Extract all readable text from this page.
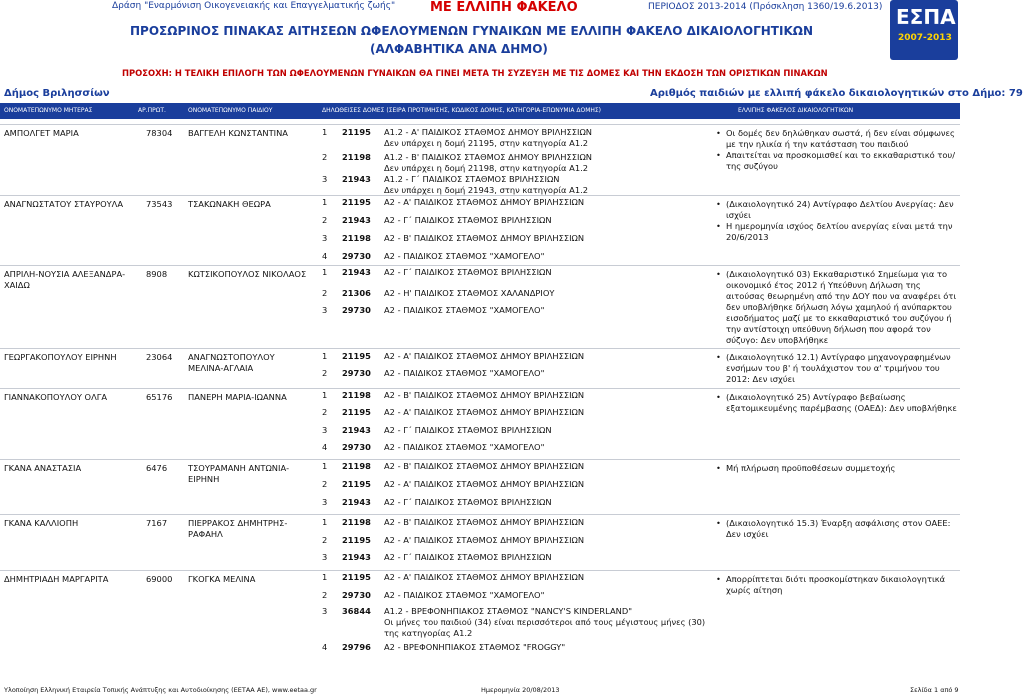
Δράση "Εναρμόνιση Οικογενειακής και Επαγγελματικής ζωής"	ΜΕ ΕΛΛΙΠΗ ΦΑΚΕΛΟ	ΠΕΡΙΟΔΟΣ 2013-2014 (Πρόσκληση 1360/19.6.2013) ΕΣΠΑ
2007-2013
ΠΡΟΣΩΡΙΝΟΣ ΠΙΝΑΚΑΣ ΑΙΤΗΣΕΩΝ ΩΦΕΛΟΥΜΕΝΩΝ ΓΥΝΑΙΚΩΝ ΜΕ ΕΛΛΙΠΗ ΦΑΚΕΛΟ ΔΙΚΑΙΟΛΟΓΗΤΙΚΩΝ
(ΑΛΦΑΒΗΤΙΚΑ ΑΝΑ ΔΗΜΟ)
ΠΡΟΣΟΧΗ: Η ΤΕΛΙΚΗ ΕΠΙΛΟΓΗ ΤΩΝ ΩΦΕΛΟΥΜΕΝΩΝ ΓΥΝΑΙΚΩΝ ΘΑ ΓΙΝΕΙ ΜΕΤΑ ΤΗ ΣΥΖΕΥΞΗ ΜΕ ΤΙΣ ΔΟΜΕΣ ΚΑΙ ΤΗΝ ΕΚΔΟΣΗ ΤΩΝ ΟΡΙΣΤΙΚΩΝ ΠΙΝΑΚΩΝ
Δήμος Βριλησσίων	Αριθμός παιδιών με ελλιπή φάκελο δικαιολογητικών στο Δήμο: 79
ΟΝΟΜΑΤΕΠΩΝΥΜΟ ΜΗΤΕΡΑΣ	ΑΡ.ΠΡΩΤ.	ΟΝΟΜΑΤΕΠΩΝΥΜΟ ΠΑΙΔΙΟΥ	ΔΗΛΩΘΕΙΣΕΣ ΔΟΜΕΣ (ΣΕΙΡΑ ΠΡΟΤΙΜΗΣΗΣ, ΚΩΔΙΚΟΣ ΔΟΜΗΣ, ΚΑΤΗΓΟΡΙΑ-ΕΠΩΝΥΜΙΑ ΔΟΜΗΣ)	ΕΛΛΙΠΗΣ ΦΑΚΕΛΟΣ ΔΙΚΑΙΟΛΟΓΗΤΙΚΩΝ
ΑΜΠΟΛΓΕΤ ΜΑΡΙΑ	78304 ΒΑΓΓΕΛΗ ΚΩΝΣΤΑΝΤΙΝΑ	1 21195 Α1.2 - Α' ΠΑΙΔΙΚΟΣ ΣΤΑΘΜΟΣ ΔΗΜΟΥ ΒΡΙΛΗΣΣΙΩΝ
Δεν υπάρχει η δομή 21195, στην κατηγορία Α1.2
2 21198 Α1.2 - Β' ΠΑΙΔΙΚΟΣ ΣΤΑΘΜΟΣ ΔΗΜΟΥ ΒΡΙΛΗΣΣΙΩΝ
Δεν υπάρχει η δομή 21198, στην κατηγορία Α1.2
3 21943 Α1.2 - Γ΄ ΠΑΙΔΙΚΟΣ ΣΤΑΘΜΟΣ ΒΡΙΛΗΣΣΙΩΝ
Δεν υπάρχει η δομή 21943, στην κατηγορία Α1.2
• Οι δομές δεν δηλώθηκαν σωστά, ή δεν είναι σύμφωνες με την ηλικία ή την κατάσταση του παιδιού
• Απαιτείται να προσκομισθεί και το εκκαθαριστικό του/της συζύγου
ΑΝΑΓΝΩΣΤΑΤΟΥ ΣΤΑΥΡΟΥΛΑ	73543 ΤΣΑΚΩΝΑΚΗ ΘΕΩΡΑ	1 21195 Α2 - Α' ΠΑΙΔΙΚΟΣ ΣΤΑΘΜΟΣ ΔΗΜΟΥ ΒΡΙΛΗΣΣΙΩΝ
2 21943 Α2 - Γ΄ ΠΑΙΔΙΚΟΣ ΣΤΑΘΜΟΣ ΒΡΙΛΗΣΣΙΩΝ
3 21198 Α2 - Β' ΠΑΙΔΙΚΟΣ ΣΤΑΘΜΟΣ ΔΗΜΟΥ ΒΡΙΛΗΣΣΙΩΝ
4 29730 Α2 - ΠΑΙΔΙΚΟΣ ΣΤΑΘΜΟΣ "ΧΑΜΟΓΕΛΟ"
• (Δικαιολογητικό 24) Αντίγραφο Δελτίου Ανεργίας: Δεν ισχύει
• Η ημερομηνία ισχύος δελτίου ανεργίας είναι μετά την 20/6/2013
ΑΠΡΙΛΗ-ΝΟΥΣΙΑ ΑΛΕΞΑΝΔΡΑ-ΧΑΙΔΩ
8908	ΚΩΤΣΙΚΟΠΟΥΛΟΣ ΝΙΚΟΛΑΟΣ	1 21943 Α2 - Γ΄ ΠΑΙΔΙΚΟΣ ΣΤΑΘΜΟΣ ΒΡΙΛΗΣΣΙΩΝ
2 21306 Α2 - Η' ΠΑΙΔΙΚΟΣ ΣΤΑΘΜΟΣ ΧΑΛΑΝΔΡΙΟΥ
3 29730 Α2 - ΠΑΙΔΙΚΟΣ ΣΤΑΘΜΟΣ "ΧΑΜΟΓΕΛΟ"
• (Δικαιολογητικό 03) Εκκαθαριστικό Σημείωμα για το οικονομικό έτος 2012 ή Υπεύθυνη Δήλωση της αιτούσας θεωρημένη από την ΔΟΥ που να αναφέρει ότι δεν υποβλήθηκε δήλωση λόγω χαμηλού ή ανύπαρκτου εισοδήματος μαζί με το εκκαθαριστικό του συζύγου ή την αντίστοιχη υπεύθυνη δήλωση που αφορά τον σύζυγο: Δεν υποβλήθηκε
ΓΕΩΡΓΑΚΟΠΟΥΛΟΥ ΕΙΡΗΝΗ	23064 ΑΝΑΓΝΩΣΤΟΠΟΥΛΟΥ ΜΕΛΙΝΑ-ΑΓΛΑΙΑ
1 21195 Α2 - Α' ΠΑΙΔΙΚΟΣ ΣΤΑΘΜΟΣ ΔΗΜΟΥ ΒΡΙΛΗΣΣΙΩΝ
2 29730 Α2 - ΠΑΙΔΙΚΟΣ ΣΤΑΘΜΟΣ "ΧΑΜΟΓΕΛΟ"
• (Δικαιολογητικό 12.1) Αντίγραφο μηχανογραφημένων ενσήμων του β' ή τουλάχιστον του α' τριμήνου του 2012: Δεν ισχύει
ΓΙΑΝΝΑΚΟΠΟΥΛΟΥ ΟΛΓΑ	65176 ΠΑΝΕΡΗ ΜΑΡΙΑ-ΙΩΑΝΝΑ	1 21198 Α2 - Β' ΠΑΙΔΙΚΟΣ ΣΤΑΘΜΟΣ ΔΗΜΟΥ ΒΡΙΛΗΣΣΙΩΝ
2 21195 Α2 - Α' ΠΑΙΔΙΚΟΣ ΣΤΑΘΜΟΣ ΔΗΜΟΥ ΒΡΙΛΗΣΣΙΩΝ
3 21943 Α2 - Γ΄ ΠΑΙΔΙΚΟΣ ΣΤΑΘΜΟΣ ΒΡΙΛΗΣΣΙΩΝ
4 29730 Α2 - ΠΑΙΔΙΚΟΣ ΣΤΑΘΜΟΣ "ΧΑΜΟΓΕΛΟ"
• (Δικαιολογητικό 25) Αντίγραφο βεβαίωσης εξατομικευμένης παρέμβασης (ΟΑΕΔ): Δεν υποβλήθηκε
ΓΚΑΝΑ ΑΝΑΣΤΑΣΙΑ	6476	ΤΣΟΥΡΑΜΑΝΗ ΑΝΤΩΝΙΑ-ΕΙΡΗΝΗ
1 21198 Α2 - Β' ΠΑΙΔΙΚΟΣ ΣΤΑΘΜΟΣ ΔΗΜΟΥ ΒΡΙΛΗΣΣΙΩΝ
2 21195 Α2 - Α' ΠΑΙΔΙΚΟΣ ΣΤΑΘΜΟΣ ΔΗΜΟΥ ΒΡΙΛΗΣΣΙΩΝ
3 21943 Α2 - Γ΄ ΠΑΙΔΙΚΟΣ ΣΤΑΘΜΟΣ ΒΡΙΛΗΣΣΙΩΝ
• Μή πλήρωση προϋποθέσεων συμμετοχής
ΓΚΑΝΑ ΚΑΛΛΙΟΠΗ	7167	ΠΙΕΡΡΑΚΟΣ ΔΗΜΗΤΡΗΣ-ΡΑΦΑΗΛ
1 21198 Α2 - Β' ΠΑΙΔΙΚΟΣ ΣΤΑΘΜΟΣ ΔΗΜΟΥ ΒΡΙΛΗΣΣΙΩΝ
2 21195 Α2 - Α' ΠΑΙΔΙΚΟΣ ΣΤΑΘΜΟΣ ΔΗΜΟΥ ΒΡΙΛΗΣΣΙΩΝ
3 21943 Α2 - Γ΄ ΠΑΙΔΙΚΟΣ ΣΤΑΘΜΟΣ ΒΡΙΛΗΣΣΙΩΝ
• (Δικαιολογητικό 15.3) Έναρξη ασφάλισης στον ΟΑΕΕ: Δεν ισχύει
ΔΗΜΗΤΡΙΑΔΗ ΜΑΡΓΑΡΙΤΑ	69000 ΓΚΟΓΚΑ ΜΕΛΙΝΑ	1 21195 Α2 - Α' ΠΑΙΔΙΚΟΣ ΣΤΑΘΜΟΣ ΔΗΜΟΥ ΒΡΙΛΗΣΣΙΩΝ
2 29730 Α2 - ΠΑΙΔΙΚΟΣ ΣΤΑΘΜΟΣ "ΧΑΜΟΓΕΛΟ"
3 36844 Α1.2 - ΒΡΕΦΟΝΗΠΙΑΚΟΣ ΣΤΑΘΜΟΣ "NANCY'S KINDERLAND"
Οι μήνες του παιδιού (34) είναι περισσότεροι από τους μέγιστους μήνες (30) της κατηγορίας Α1.2
4 29796 Α2 - ΒΡΕΦΟΝΗΠΙΑΚΟΣ ΣΤΑΘΜΟΣ "FROGGY"
• Απορρίπτεται διότι προσκομίστηκαν δικαιολογητικά χωρίς αίτηση
Υλοποίηση Ελληνική Εταιρεία Τοπικής Ανάπτυξης και Αυτοδιοίκησης (ΕΕΤΑΑ ΑΕ), www.eetaa.gr	Ημερομηνία 20/08/2013	Σελίδα 1 από 9
